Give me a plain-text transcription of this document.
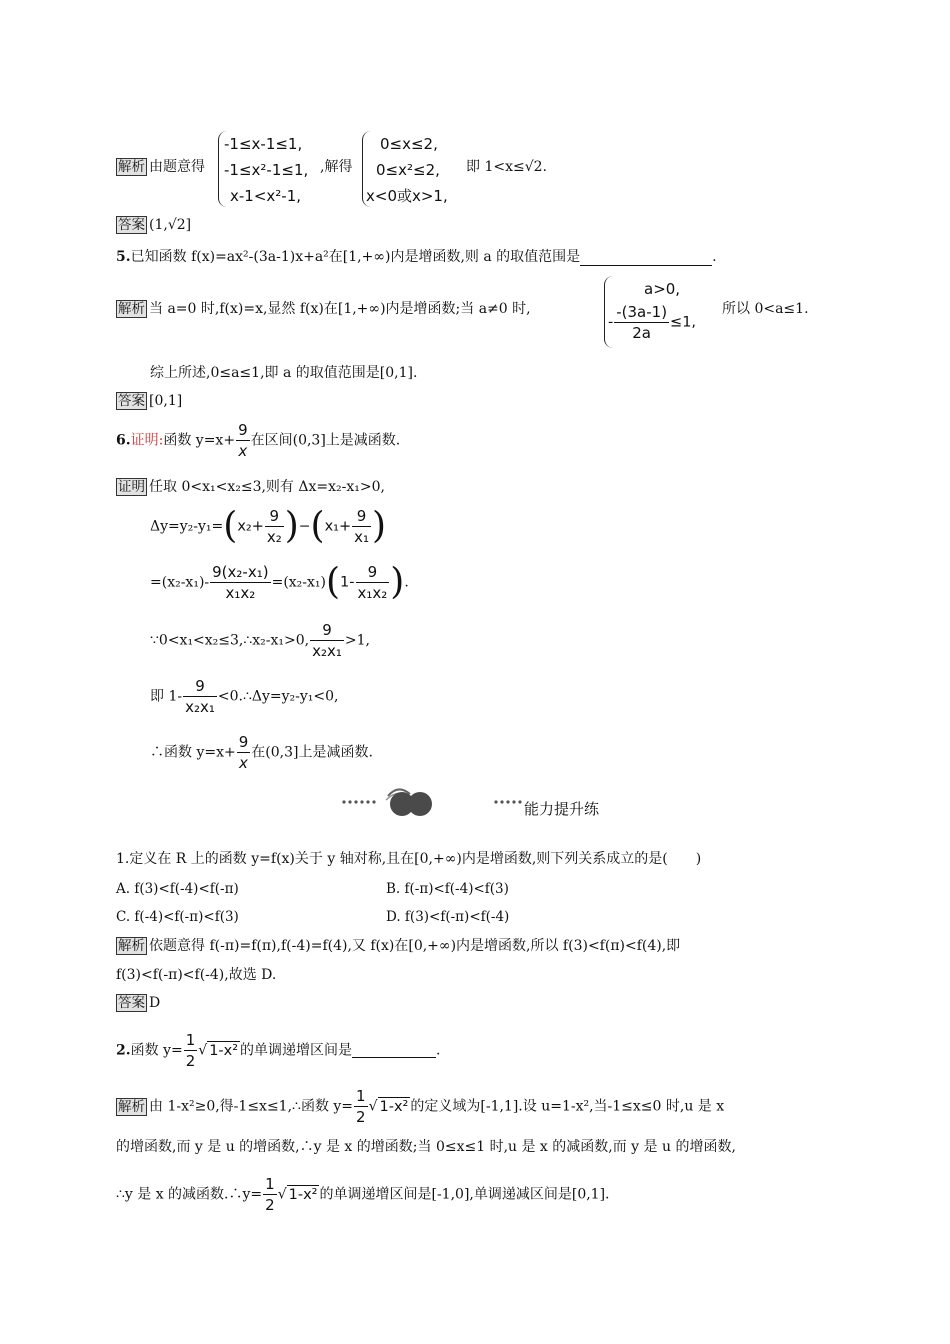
解析 由题意得
-1≤x-1≤1,
-1≤x²-1≤1,
x-1<x²-1,
,解得
0≤x≤2,
0≤x²≤2,
x<0或x>1,
即 1<x≤√2.
答案 (1,√2]
5.已知函数 f(x)=ax²-(3a-1)x+a²在[1,+∞)内是增函数,则 a 的取值范围是	.
解析 当 a=0 时,f(x)=x,显然 f(x)在[1,+∞)内是增函数;当 a≠0 时,
a>0,
- $\frac{-(3a-1)}{2a} \le 1$,
所以 0<a≤1.
综上所述,0≤a≤1,即 a 的取值范围是[0,1].
答案 [0,1]
6.证明:函数 $y=x+ \frac{9}{x}$ 在区间(0,3]上是减函数.
证明 任取 0<x₁<x₂≤3,则有 Δx=x₂-x₁>0,
$\Delta y=y_2-y_1=(x_2+ \frac{9}{\text{x₂}} )-(x_1+ \frac{9}{\text{x₁}}$ )
$=(x_2-x_1)- \frac{\text{9(x₂-x₁)}}{\text{x₁x₂}} =(x_2-x_1)(1- \frac{9}{\text{x₁x₂}}$ ).
∵0<x₁<x₂≤3,∴x₂-x₁>0, $\frac{9}{\text{x₂x₁}} >1$,
即 $1- \frac{9}{\text{x₂x₁}}$ <0.∴Δy=y₂-y₁<0,
∴函数 $y=x+ \frac{9}{x}$ 在(0,3]上是减函数.
能力提升练
1.定义在 R 上的函数 y=f(x)关于 y 轴对称,且在[0,+∞)内是增函数,则下列关系成立的是(　　)
A. f(3)<f(-4)<f(-π)	B. f(-π)<f(-4)<f(3)
C. f(-4)<f(-π)<f(3)	D. f(3)<f(-π)<f(-4)
解析 依题意得 f(-π)=f(π),f(-4)=f(4),又 f(x)在[0,+∞)内是增函数,所以 f(3)<f(π)<f(4),即
f(3)<f(-π)<f(-4),故选 D.
答案 D
2.函数 $y= \frac{1}{2}$ √ 1-x² 的单调递增区间是	.
解析 由 1-x²≥0,得-1≤x≤1,∴函数 $y= \frac{1}{2}$ √ 1-x² 的定义域为[-1,1].设 u=1-x²,当-1≤x≤0 时,u 是 x
的增函数,而 y 是 u 的增函数,∴y 是 x 的增函数;当 0≤x≤1 时,u 是 x 的减函数,而 y 是 u 的增函数,
∴y 是 x 的减函数.∴y= $\frac{1}{2}$ √ 1-x² 的单调递增区间是[-1,0],单调递减区间是[0,1].
